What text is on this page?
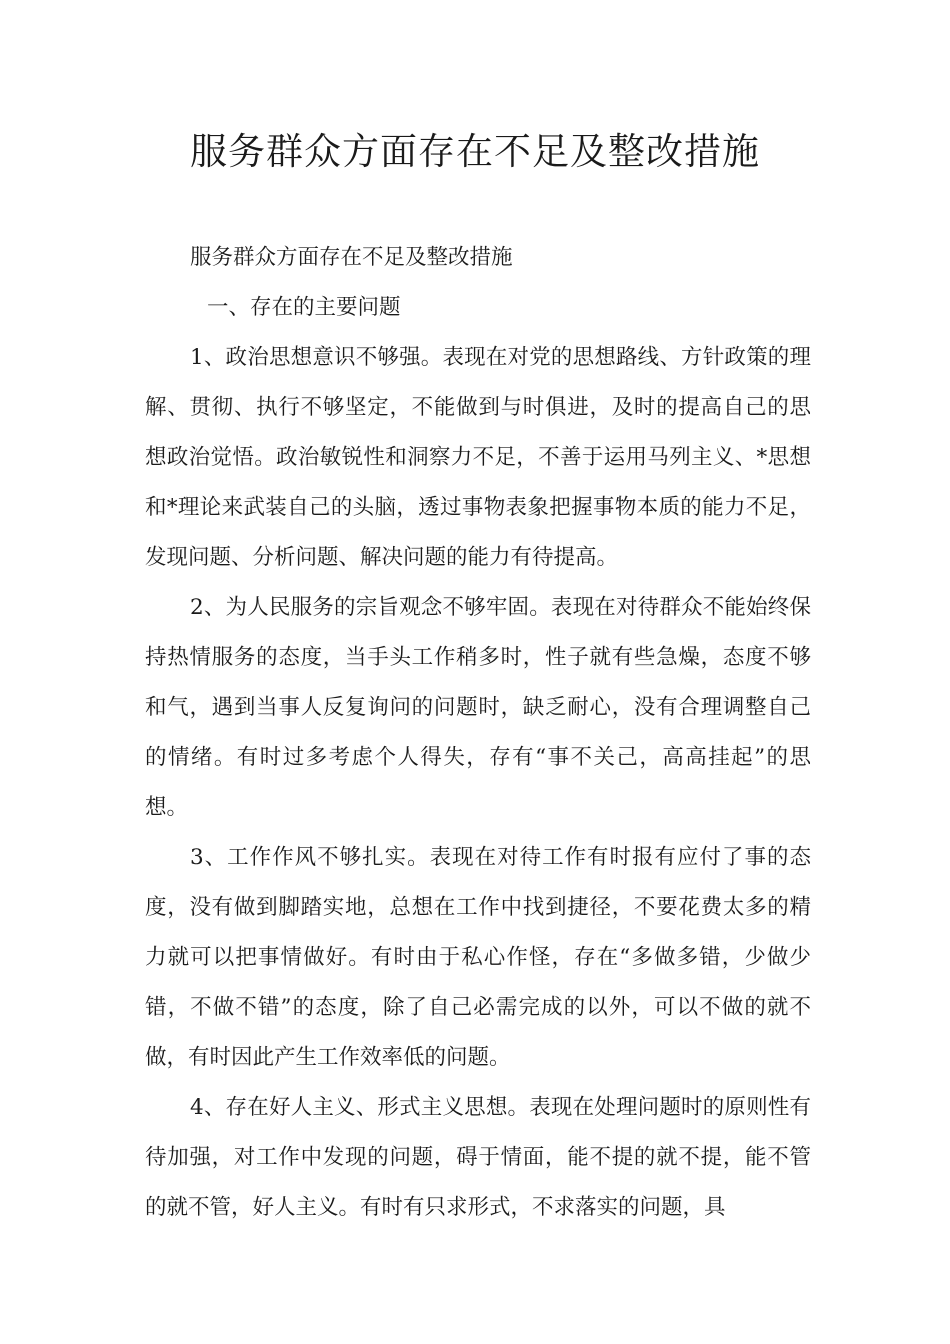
服务群众方面存在不足及整改措施

服务群众方面存在不足及整改措施

一、存在的主要问题

1、政治思想意识不够强。表现在对党的思想路线、方针政策的理解、贯彻、执行不够坚定，不能做到与时俱进，及时的提高自己的思想政治觉悟。政治敏锐性和洞察力不足，不善于运用马列主义、*思想和*理论来武装自己的头脑，透过事物表象把握事物本质的能力不足，发现问题、分析问题、解决问题的能力有待提高。

2、为人民服务的宗旨观念不够牢固。表现在对待群众不能始终保持热情服务的态度，当手头工作稍多时，性子就有些急燥，态度不够和气，遇到当事人反复询问的问题时，缺乏耐心，没有合理调整自己的情绪。有时过多考虑个人得失，存有“事不关己，高高挂起”的思想。

3、工作作风不够扎实。表现在对待工作有时报有应付了事的态度，没有做到脚踏实地，总想在工作中找到捷径，不要花费太多的精力就可以把事情做好。有时由于私心作怪，存在“多做多错，少做少错，不做不错”的态度，除了自己必需完成的以外，可以不做的就不做，有时因此产生工作效率低的问题。

4、存在好人主义、形式主义思想。表现在处理问题时的原则性有待加强，对工作中发现的问题，碍于情面，能不提的就不提，能不管的就不管，好人主义。有时有只求形式，不求落实的问题，具
